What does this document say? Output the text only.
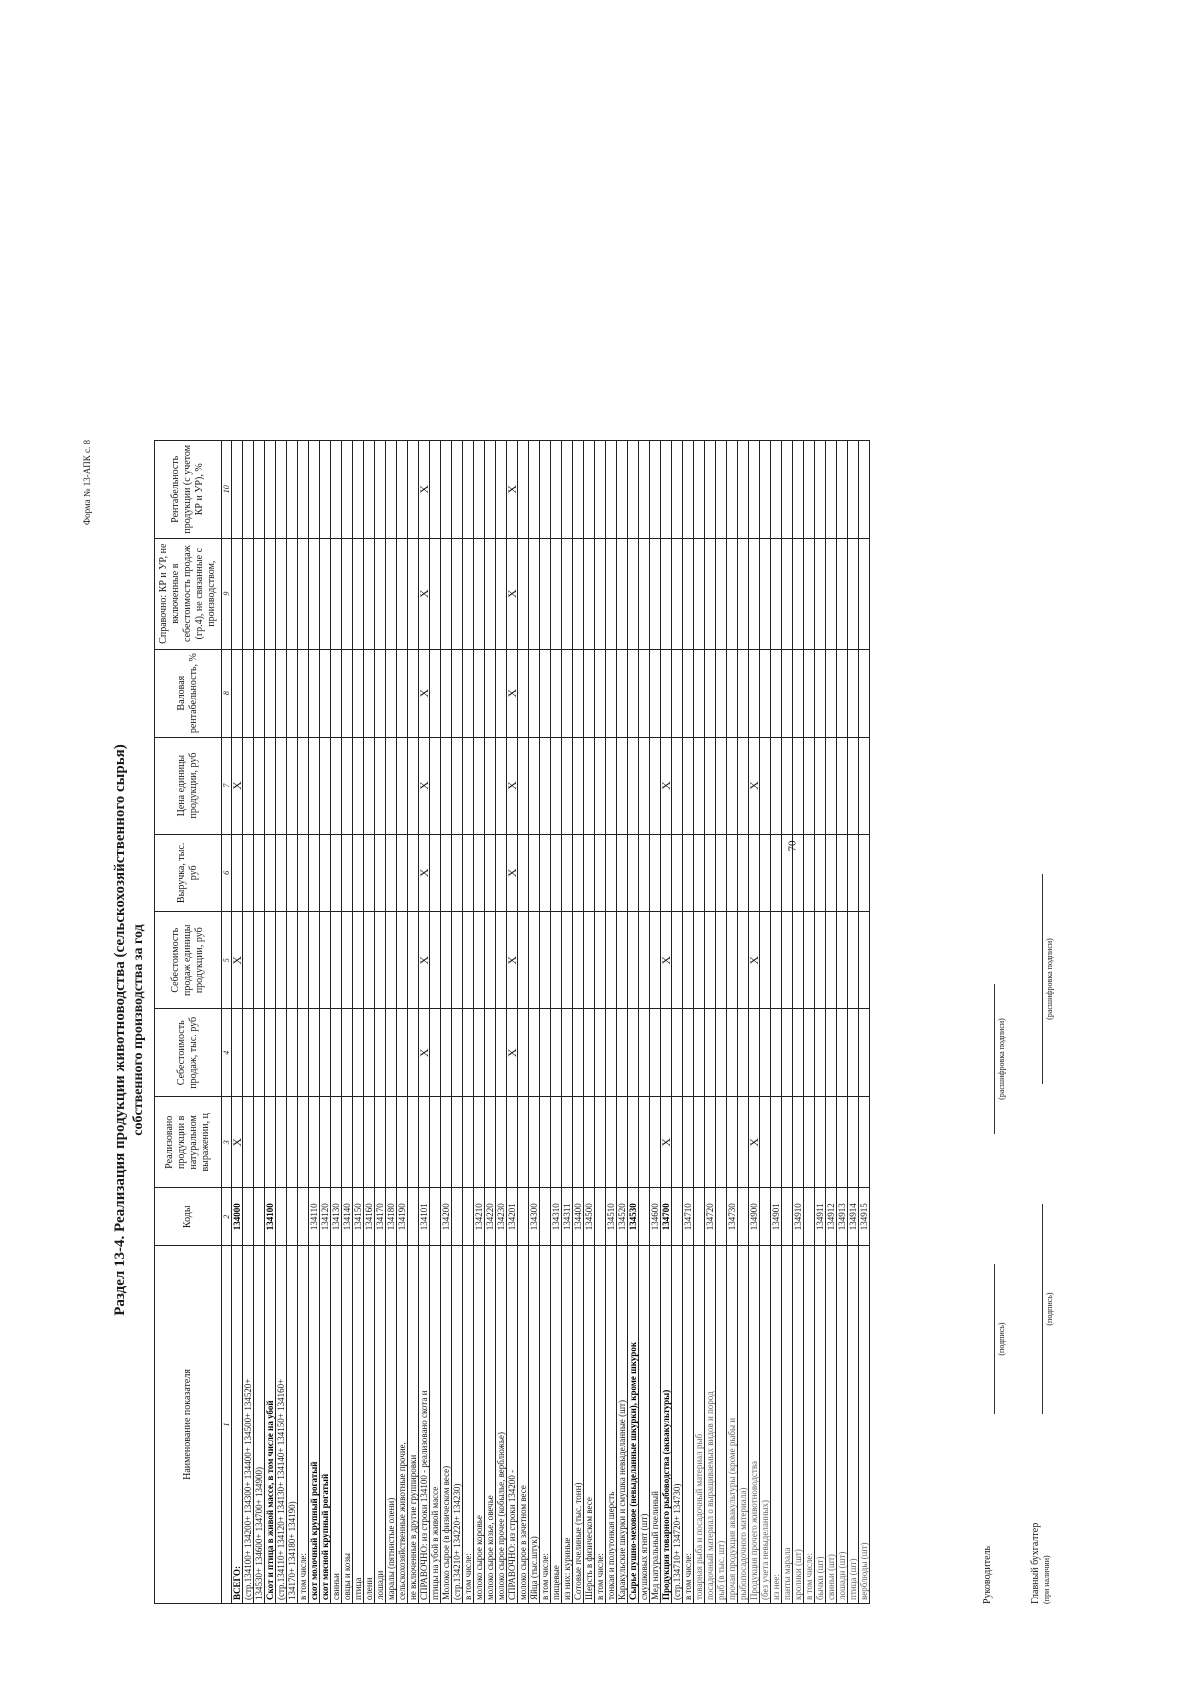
70
Форма № 13-АПК с. 8
Раздел 13-4. Реализация продукции животноводства (сельскохозяйственного сырья) собственного производства за год
Наименование показателя	Коды	Реализовано продукции в натуральном выражении, ц	Себестоимость продаж, тыс. руб	Себестоимость продаж единицы продукции, руб	Выручка, тыс. руб	Цена единицы продукции, руб	Валовая рентабельность, %	Справочно: КР и УР, не включенные в себестоимость продаж (гр.4), не связанные с производством,	Рентабельность продукции (с учетом КР и УР), %
1	2	3	4	5	6	7	8	9	10
ВСЕГО:	134000	X		X		X			
(стр.134100+ 134200+ 134300+ 134400+ 134500+ 134520+									
134530+ 134600+ 134700+ 134900)									
Скот и птица в живой массе, в том числе на убой	134100								
(стр.134110+ 134120+ 134130+ 134140+ 134150+ 134160+									
134170+ 134180+ 134190)									
в том числе:									
скот молочный крупный рогатый	134110								
скот мясной крупный рогатый	134120								
свиньи	134130								
овцы и козы	134140								
птица	134150								
олени	134160								
лошади	134170								
маралы (пятнистые олени)	134180								
сельскохозяйственные животные прочие,	134190								
не включенные в другие группировки									
СПРАВОЧНО: из строки 134100 - реализовано скота и	134101		X	X	X	X	X	X	X
птицы на убой в живой массе									
Молоко сырое (в физическом весе)	134200								
(стр.134210+ 134220+ 134230)									
в том числе:									
молоко сырое коровье	134210								
молоко сырое козье, овечье	134220								
молоко сырое прочее (кобылье, верблюжье)	134230								
СПРАВОЧНО: из строки 134200 -	134201		X	X	X	X	X	X	X
молоко сырое в зачетном весе									
Яйца (тыс.штук)	134300								
в том числе:									
пищевые	134310								
из них: куриные	134311								
Сотовые пчелиные (тыс. тонн)	134400								
Шерсть в физическом весе	134500								
в том числе:									
тонкая и полутонкая шерсть	134510								
Каракульские шкурки и смушка невыделанные (шт)	134520								
Сырье пушно-меховое (невыделанные шкурки), кроме шкурок	134530								
смушковых ягнят (шт)									
Мед натуральный пчелиный	134600								
Продукция товарного рыбоводства (аквакультуры)	134700	X		X		X			
(стр.134710+ 134720+ 134730)									
в том числе:	134710								
товарная рыба и посадочный материал рыб									
посадочный материал о выращиваемых видов и пород	134720								
рыб (в тыс. шт)									
прочая продукция аквакультуры (кроме рыбы и	134730								
рыбопосадочного материала)									
Продукция прочего животноводства	134900	X		X		X			
(без учета невыделанных)									
из нее:	134901								
панты марала									
кролики (шт)	134910								
в том числе:									
бычки (шт)	134911								
свиньи (шт)	134912								
лошади (шт)	134913								
птица (шт)	134914								
верблюды (шт)	134915								
Руководитель
(подпись)
(расшифровка подписи)
Главный бухгалтер
(при наличии)
(подпись)
(расшифровка подписи)
